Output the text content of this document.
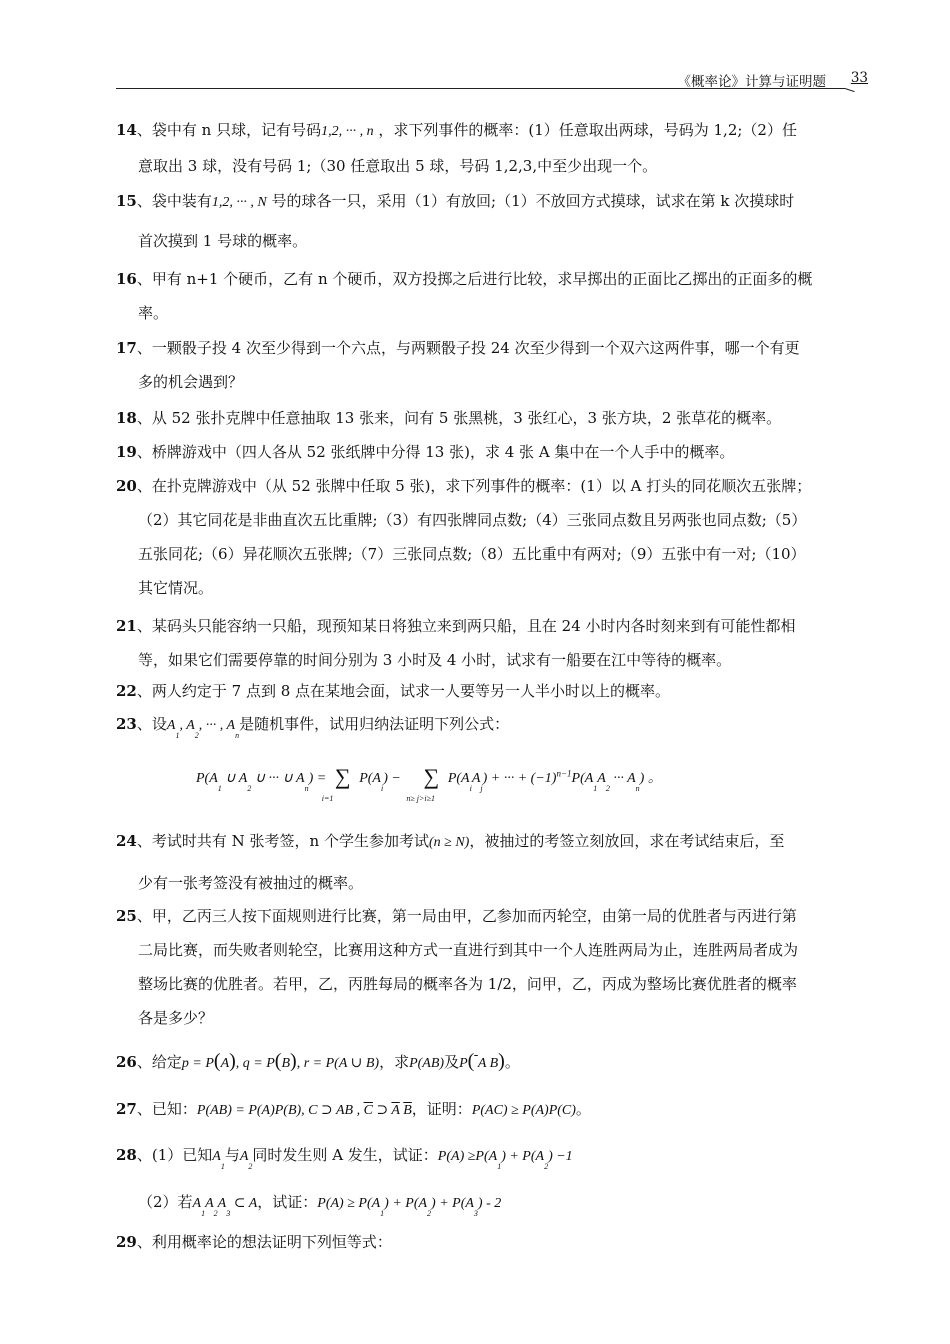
《概率论》计算与证明题 33
14、袋中有 n 只球，记有号码1,2, ··· , n ，求下列事件的概率：(1）任意取出两球，号码为 1,2;（2）任
意取出 3 球，没有号码 1;（30 任意取出 5 球，号码 1,2,3,中至少出现一个。
15、袋中装有1,2, ··· , N 号的球各一只，采用（1）有放回;（1）不放回方式摸球，试求在第 k 次摸球时
首次摸到 1 号球的概率。
16、甲有 n+1 个硬币，乙有 n 个硬币，双方投掷之后进行比较，求早掷出的正面比乙掷出的正面多的概
率。
17、一颗骰子投 4 次至少得到一个六点，与两颗骰子投 24 次至少得到一个双六这两件事，哪一个有更
多的机会遇到？
18、从 52 张扑克牌中任意抽取 13 张来，问有 5 张黑桃，3 张红心，3 张方块，2 张草花的概率。
19、桥牌游戏中（四人各从 52 张纸牌中分得 13 张)，求 4 张 A 集中在一个人手中的概率。
20、在扑克牌游戏中（从 52 张牌中任取 5 张)，求下列事件的概率：(1）以 A 打头的同花顺次五张牌；
（2）其它同花是非曲直次五比重牌;（3）有四张牌同点数;（4）三张同点数且另两张也同点数;（5）
五张同花;（6）异花顺次五张牌;（7）三张同点数;（8）五比重中有两对;（9）五张中有一对;（10）
其它情况。
21、某码头只能容纳一只船，现预知某日将独立来到两只船，且在 24 小时内各时刻来到有可能性都相
等，如果它们需要停靠的时间分别为 3 小时及 4 小时，试求有一船要在江中等待的概率。
22、两人约定于 7 点到 8 点在某地会面，试求一人要等另一人半小时以上的概率。
23、设$A_1$, $A_2$, ··· , $A_n$是随机事件，试用归纳法证明下列公式：
$P(A_1$ ∪ $A_2$ ∪ ··· ∪ $A_n$) = ∑
i=1
$P(A_i)$ − ∑
n≥ j>i≥1
$P(A_iA_j)$ + ··· + $(-1)^{n-1}P(A_1A_2$ ··· $A_n$) 。
24、考试时共有 N 张考签，n 个学生参加考试(n ≥ N)，被抽过的考签立刻放回，求在考试结束后，至
少有一张考签没有被抽过的概率。
25、甲，乙丙三人按下面规则进行比赛，第一局由甲，乙参加而丙轮空，由第一局的优胜者与丙进行第
二局比赛，而失败者则轮空，比赛用这种方式一直进行到其中一个人连胜两局为止，连胜两局者成为
整场比赛的优胜者。若甲，乙，丙胜每局的概率各为 1/2，问甲，乙，丙成为整场比赛优胜者的概率
各是多少？
26、给定p = P(A), q = P(B), r = P(A ∪ B)，求P(AB)及P( A B)。
27、已知：P(AB) = P(A)P(B), C ⊃ AB , $\overline{C}$ ⊃ $\overline{A}$ $\overline{B}$，证明：P(AC) ≥ P(A)P(C)。
28、(1）已知$A_1$与$A_2$同时发生则 A 发生，试证：$P(A) \ge P(A_1) + P(A_2) -1$
（2）若$A_1A_2A_3$ ⊂ A，试证：$P(A) \ge P(A_1) + P(A_2) + P(A_3) - 2$
29、利用概率论的想法证明下列恒等式：
